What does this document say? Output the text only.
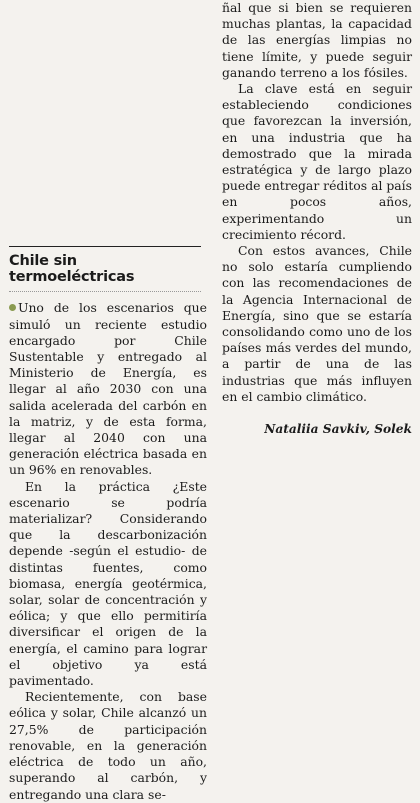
Chile sin termoeléctricas

Uno de los escenarios que simuló un reciente estudio encargado por Chile Sustentable y entregado al Ministerio de Energía, es llegar al año 2030 con una salida acelerada del carbón en la matriz, y de esta forma, llegar al 2040 con una generación eléctrica basada en un 96% en renovables.

En la práctica ¿Este escenario se podría materializar? Considerando que la descarbonización depende -según el estudio- de distintas fuentes, como biomasa, energía geotérmica, solar, solar de concentración y eólica; y que ello permitiría diversificar el origen de la energía, el camino para lograr el objetivo ya está pavimentado.

Recientemente, con base eólica y solar, Chile alcanzó un 27,5% de participación renovable, en la generación eléctrica de todo un año, superando al carbón, y entregando una clara se-

ñal que si bien se requieren muchas plantas, la capacidad de las energías limpias no tiene límite, y puede seguir ganando terreno a los fósiles.

La clave está en seguir estableciendo condiciones que favorezcan la inversión, en una industria que ha demostrado que la mirada estratégica y de largo plazo puede entregar réditos al país en pocos años, experimentando un crecimiento récord.

Con estos avances, Chile no solo estaría cumpliendo con las recomendaciones de la Agencia Internacional de Energía, sino que se estaría consolidando como uno de los países más verdes del mundo, a partir de una de las industrias que más influyen en el cambio climático.

Nataliia Savkiv, Solek
